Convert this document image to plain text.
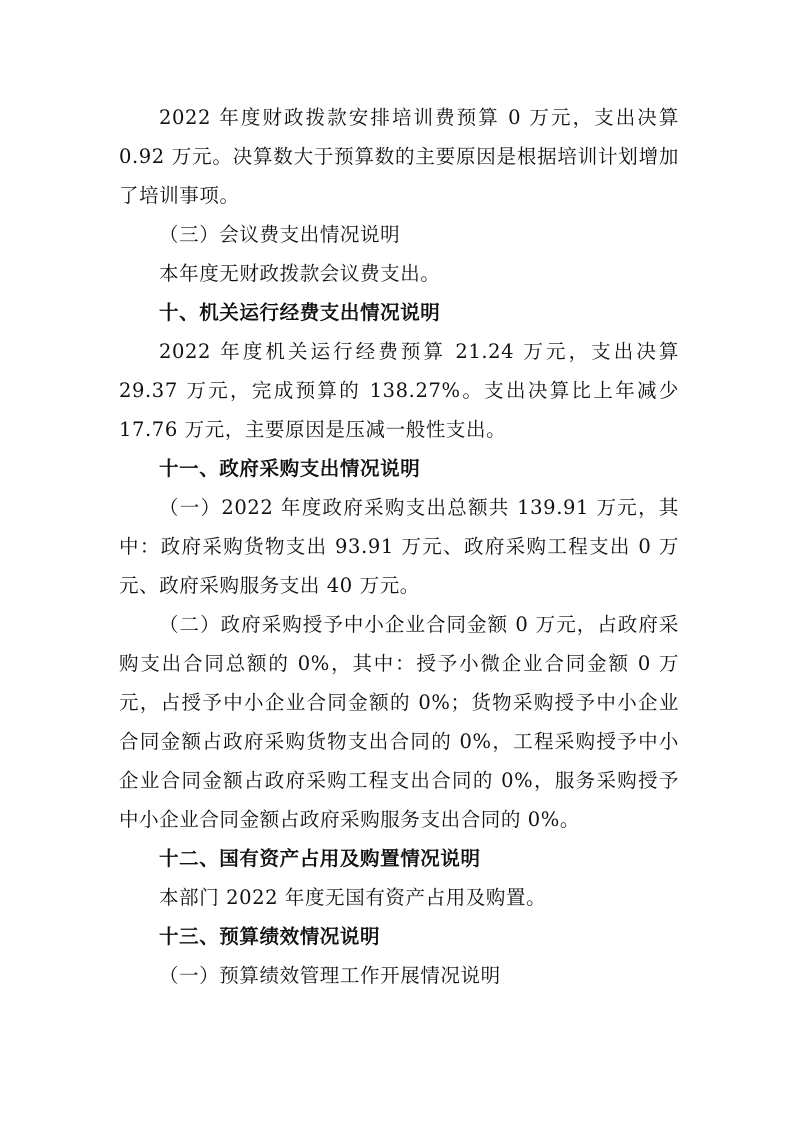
2022 年度财政拨款安排培训费预算 0 万元，支出决算 0.92 万元。决算数大于预算数的主要原因是根据培训计划增加了培训事项。

（三）会议费支出情况说明

本年度无财政拨款会议费支出。

十、机关运行经费支出情况说明

2022 年度机关运行经费预算 21.24 万元，支出决算 29.37 万元，完成预算的 138.27%。支出决算比上年减少 17.76 万元，主要原因是压减一般性支出。

十一、政府采购支出情况说明

（一）2022 年度政府采购支出总额共 139.91 万元，其中：政府采购货物支出 93.91 万元、政府采购工程支出 0 万元、政府采购服务支出 40 万元。

（二）政府采购授予中小企业合同金额 0 万元，占政府采购支出合同总额的 0%，其中：授予小微企业合同金额 0 万元，占授予中小企业合同金额的 0%；货物采购授予中小企业合同金额占政府采购货物支出合同的 0%，工程采购授予中小企业合同金额占政府采购工程支出合同的 0%，服务采购授予中小企业合同金额占政府采购服务支出合同的 0%。

十二、国有资产占用及购置情况说明

本部门 2022 年度无国有资产占用及购置。

十三、预算绩效情况说明

（一）预算绩效管理工作开展情况说明
